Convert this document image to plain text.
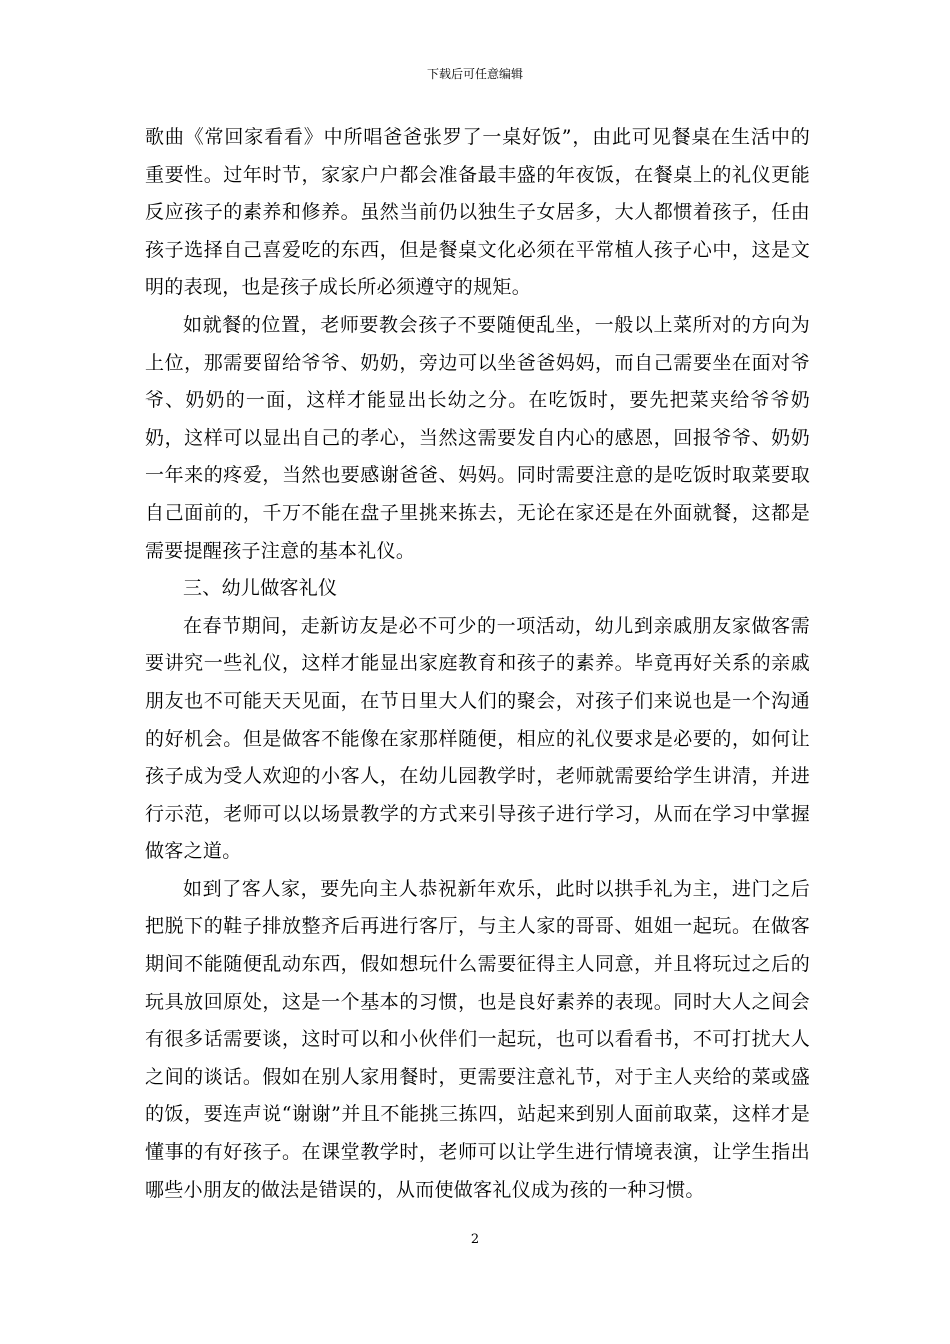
下载后可任意编辑

歌曲《常回家看看》中所唱爸爸张罗了一桌好饭”，由此可见餐桌在生活中的重要性。过年时节，家家户户都会准备最丰盛的年夜饭，在餐桌上的礼仪更能反应孩子的素养和修养。虽然当前仍以独生子女居多，大人都惯着孩子，任由孩子选择自己喜爱吃的东西，但是餐桌文化必须在平常植人孩子心中，这是文明的表现，也是孩子成长所必须遵守的规矩。

如就餐的位置，老师要教会孩子不要随便乱坐，一般以上菜所对的方向为上位，那需要留给爷爷、奶奶，旁边可以坐爸爸妈妈，而自己需要坐在面对爷爷、奶奶的一面，这样才能显出长幼之分。在吃饭时，要先把菜夹给爷爷奶奶，这样可以显出自己的孝心，当然这需要发自内心的感恩，回报爷爷、奶奶一年来的疼爱，当然也要感谢爸爸、妈妈。同时需要注意的是吃饭时取菜要取自己面前的，千万不能在盘子里挑来拣去，无论在家还是在外面就餐，这都是需要提醒孩子注意的基本礼仪。

三、幼儿做客礼仪

在春节期间，走新访友是必不可少的一项活动，幼儿到亲戚朋友家做客需要讲究一些礼仪，这样才能显出家庭教育和孩子的素养。毕竟再好关系的亲戚朋友也不可能天天见面，在节日里大人们的聚会，对孩子们来说也是一个沟通的好机会。但是做客不能像在家那样随便，相应的礼仪要求是必要的，如何让孩子成为受人欢迎的小客人，在幼儿园教学时，老师就需要给学生讲清，并进行示范，老师可以以场景教学的方式来引导孩子进行学习，从而在学习中掌握做客之道。

如到了客人家，要先向主人恭祝新年欢乐，此时以拱手礼为主，进门之后把脱下的鞋子排放整齐后再进行客厅，与主人家的哥哥、姐姐一起玩。在做客期间不能随便乱动东西，假如想玩什么需要征得主人同意，并且将玩过之后的玩具放回原处，这是一个基本的习惯，也是良好素养的表现。同时大人之间会有很多话需要谈，这时可以和小伙伴们一起玩，也可以看看书，不可打扰大人之间的谈话。假如在别人家用餐时，更需要注意礼节，对于主人夹给的菜或盛的饭，要连声说“谢谢”并且不能挑三拣四，站起来到别人面前取菜，这样才是懂事的有好孩子。在课堂教学时，老师可以让学生进行情境表演，让学生指出哪些小朋友的做法是错误的，从而使做客礼仪成为孩的一种习惯。

2
